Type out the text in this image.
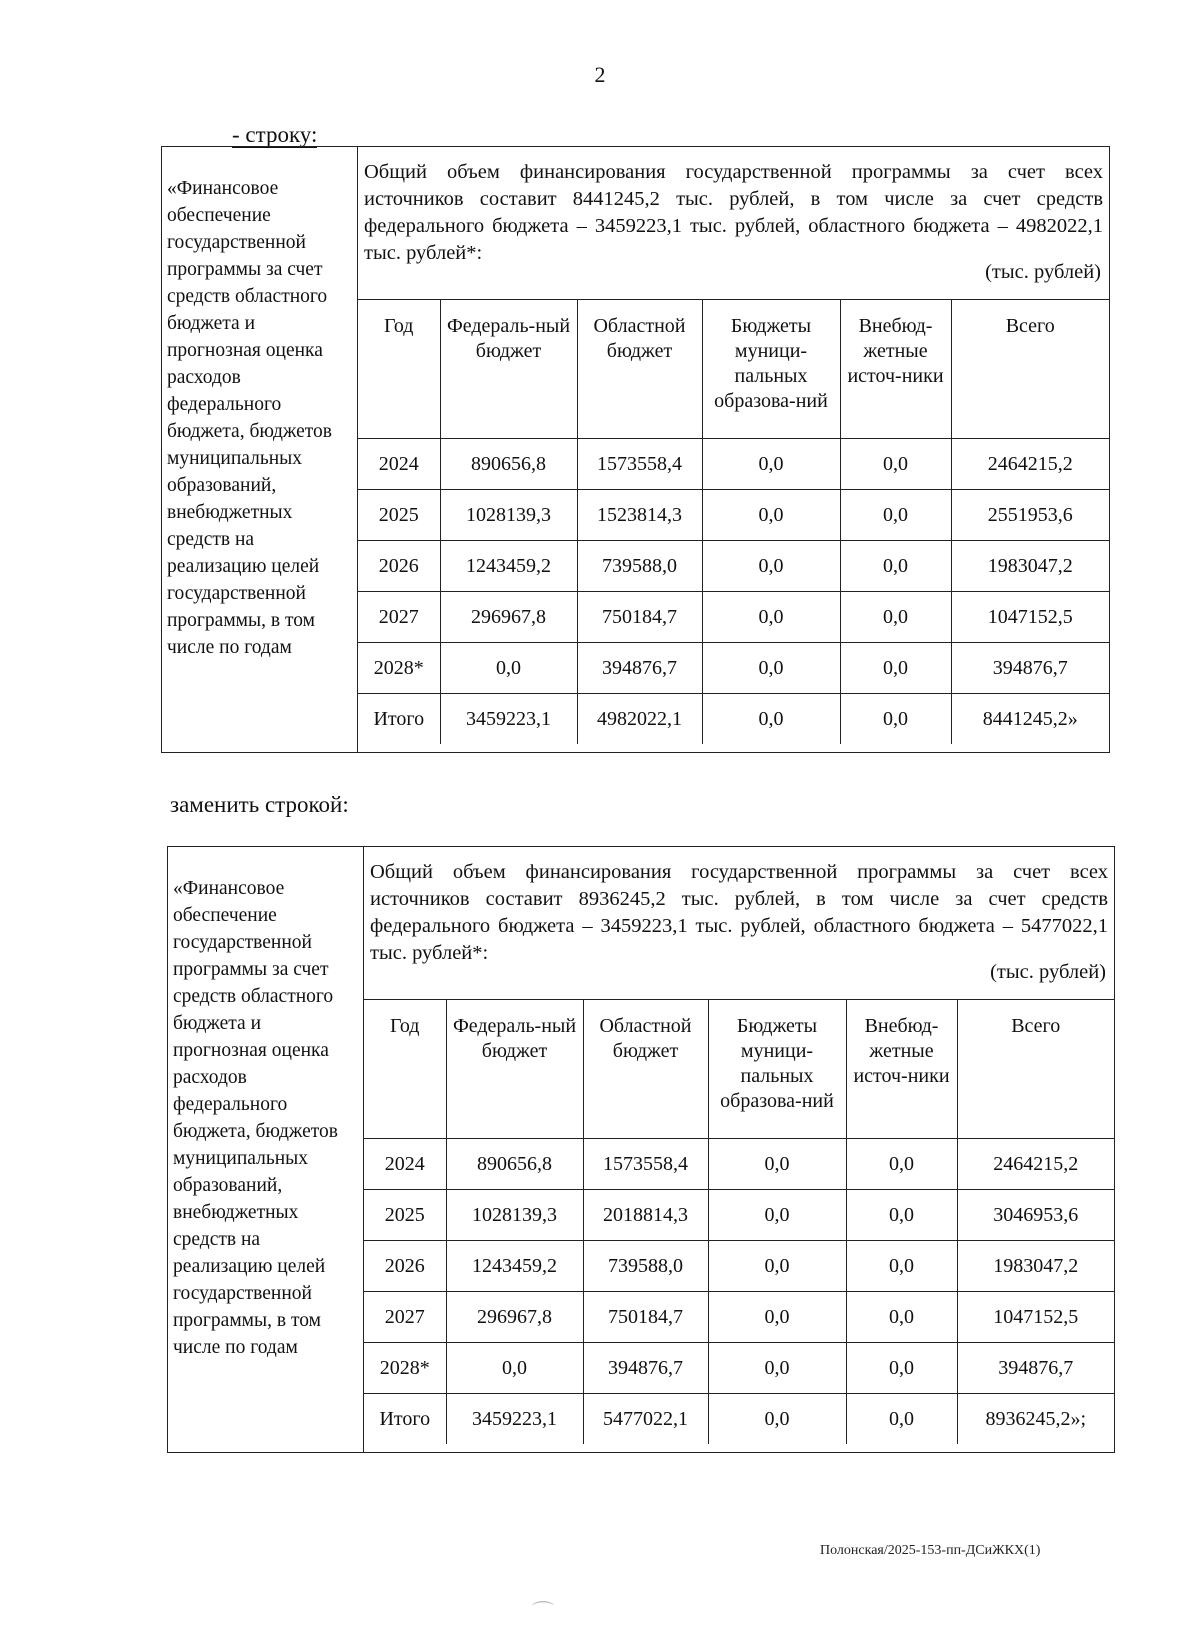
2
- строку:
«Финансовое обеспечение государственной программы за счет средств областного бюджета и прогнозная оценка расходов федерального бюджета, бюджетов муниципальных образований, внебюджетных средств на реализацию целей государственной программы, в том числе по годам
Общий объем финансирования государственной программы за счет всех источников составит 8441245,2 тыс. рублей, в том числе за счет средств федерального бюджета – 3459223,1 тыс. рублей, областного бюджета – 4982022,1 тыс. рублей*:
(тыс. рублей)
Год	Федераль-ный бюджет	Областной бюджет	Бюджеты муници-пальных образова-ний	Внебюд-жетные источ-ники	Всего
2024	890656,8	1573558,4	0,0	0,0	2464215,2
2025	1028139,3	1523814,3	0,0	0,0	2551953,6
2026	1243459,2	739588,0	0,0	0,0	1983047,2
2027	296967,8	750184,7	0,0	0,0	1047152,5
2028*	0,0	394876,7	0,0	0,0	394876,7
Итого	3459223,1	4982022,1	0,0	0,0	8441245,2»
заменить строкой:
«Финансовое обеспечение государственной программы за счет средств областного бюджета и прогнозная оценка расходов федерального бюджета, бюджетов муниципальных образований, внебюджетных средств на реализацию целей государственной программы, в том числе по годам
Общий объем финансирования государственной программы за счет всех источников составит 8936245,2 тыс. рублей, в том числе за счет средств федерального бюджета – 3459223,1 тыс. рублей, областного бюджета – 5477022,1 тыс. рублей*:
(тыс. рублей)
Год	Федераль-ный бюджет	Областной бюджет	Бюджеты муници-пальных образова-ний	Внебюд-жетные источ-ники	Всего
2024	890656,8	1573558,4	0,0	0,0	2464215,2
2025	1028139,3	2018814,3	0,0	0,0	3046953,6
2026	1243459,2	739588,0	0,0	0,0	1983047,2
2027	296967,8	750184,7	0,0	0,0	1047152,5
2028*	0,0	394876,7	0,0	0,0	394876,7
Итого	3459223,1	5477022,1	0,0	0,0	8936245,2»;
Полонская/2025-153-пп-ДСиЖКХ(1)
⌒
